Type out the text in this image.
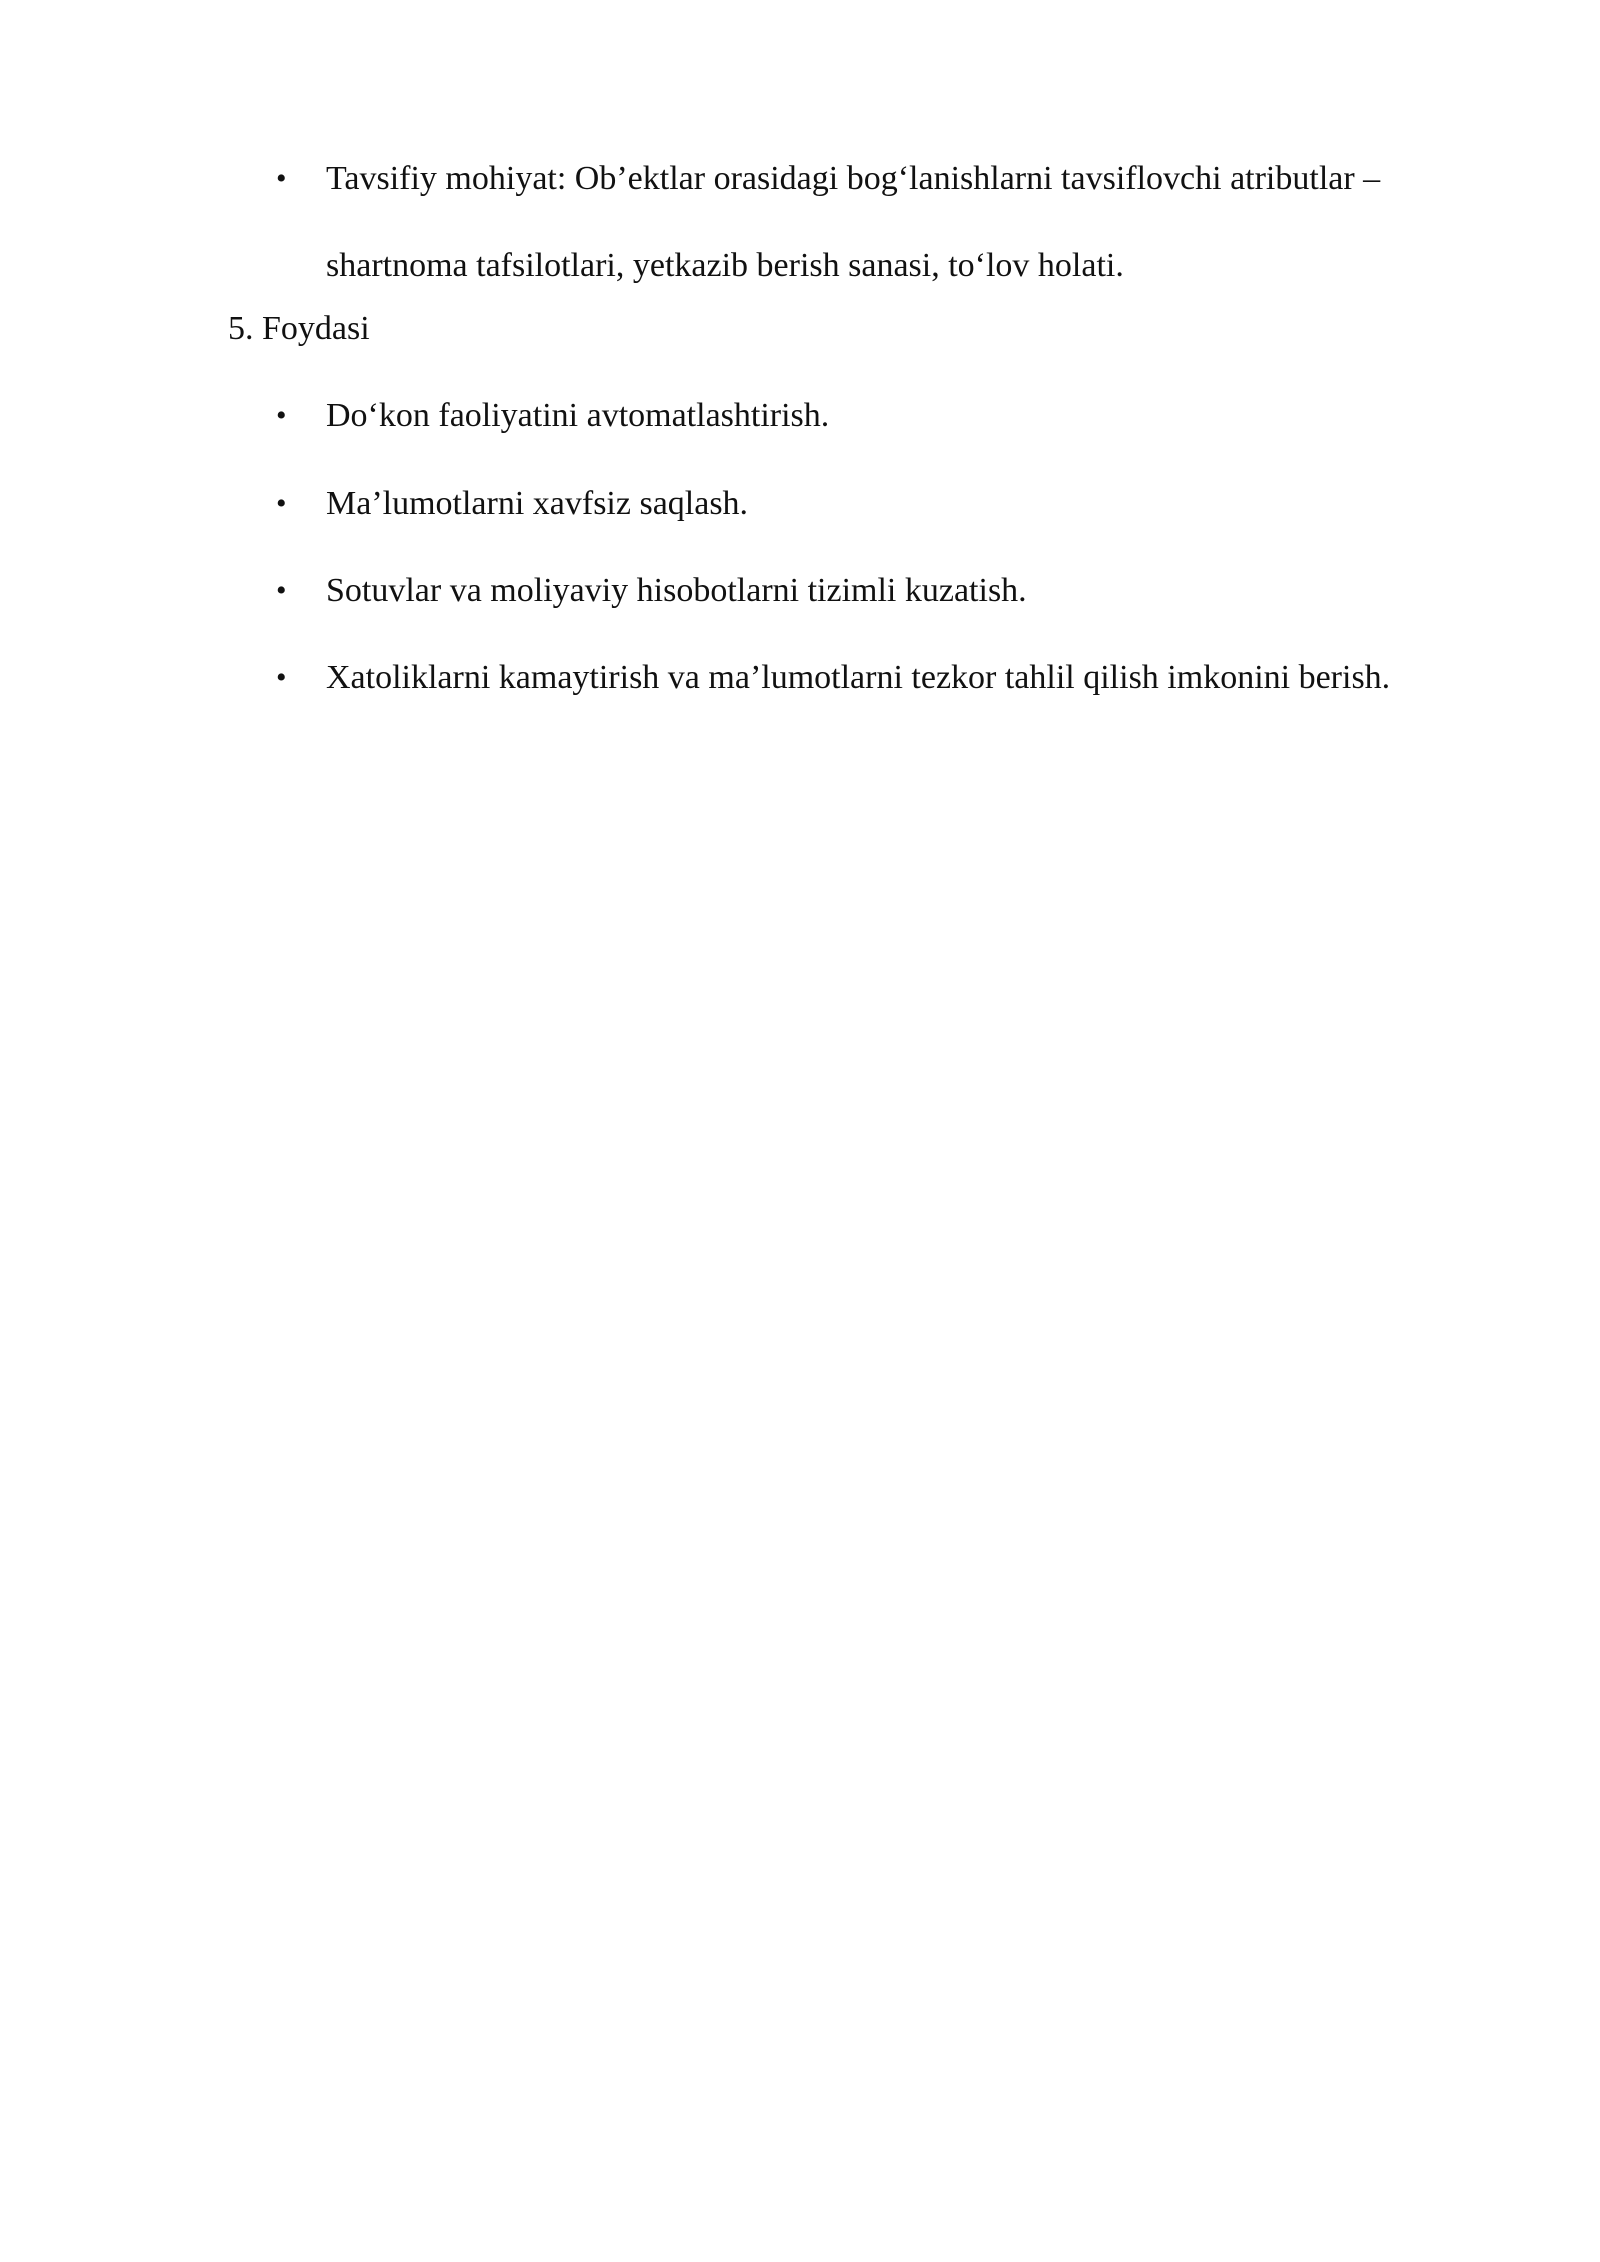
•	Tavsifiy mohiyat: Ob’ektlar orasidagi bog‘lanishlarni tavsiflovchi atributlar – shartnoma tafsilotlari, yetkazib berish sanasi, to‘lov holati.
5. Foydasi
•	Do‘kon faoliyatini avtomatlashtirish.
•	Ma’lumotlarni xavfsiz saqlash.
•	Sotuvlar va moliyaviy hisobotlarni tizimli kuzatish.
•	Xatoliklarni kamaytirish va ma’lumotlarni tezkor tahlil qilish imkonini berish.
